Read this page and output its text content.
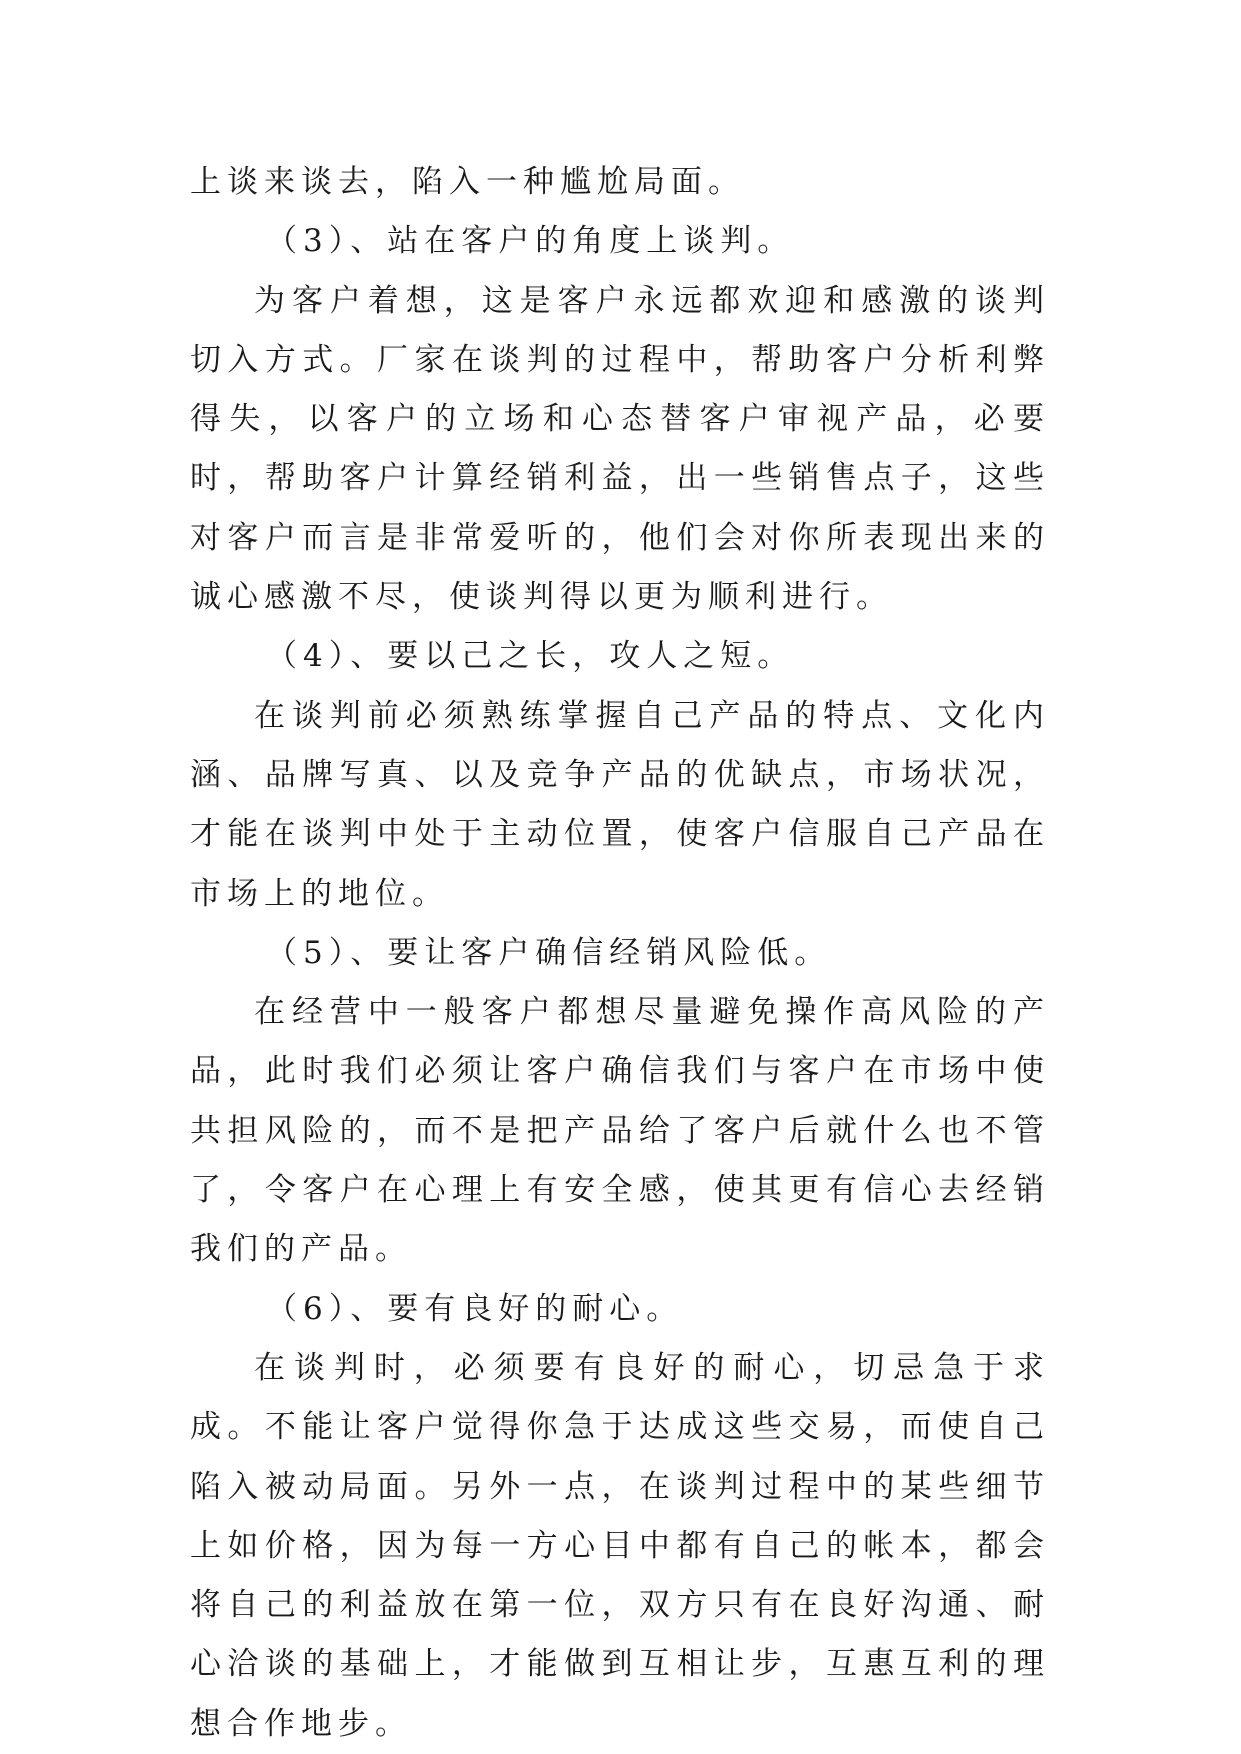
上谈来谈去，陷入一种尴尬局面。

（3）、站在客户的角度上谈判。

为客户着想，这是客户永远都欢迎和感激的谈判切入方式。厂家在谈判的过程中，帮助客户分析利弊得失，以客户的立场和心态替客户审视产品，必要时，帮助客户计算经销利益，出一些销售点子，这些对客户而言是非常爱听的，他们会对你所表现出来的诚心感激不尽，使谈判得以更为顺利进行。

（4）、要以己之长，攻人之短。

在谈判前必须熟练掌握自己产品的特点、文化内涵、品牌写真、以及竞争产品的优缺点，市场状况，才能在谈判中处于主动位置，使客户信服自己产品在市场上的地位。

（5）、要让客户确信经销风险低。

在经营中一般客户都想尽量避免操作高风险的产品，此时我们必须让客户确信我们与客户在市场中使共担风险的，而不是把产品给了客户后就什么也不管了，令客户在心理上有安全感，使其更有信心去经销我们的产品。

（6）、要有良好的耐心。

在谈判时，必须要有良好的耐心，切忌急于求成。不能让客户觉得你急于达成这些交易，而使自己陷入被动局面。另外一点，在谈判过程中的某些细节上如价格，因为每一方心目中都有自己的帐本，都会将自己的利益放在第一位，双方只有在良好沟通、耐心洽谈的基础上，才能做到互相让步，互惠互利的理想合作地步。
